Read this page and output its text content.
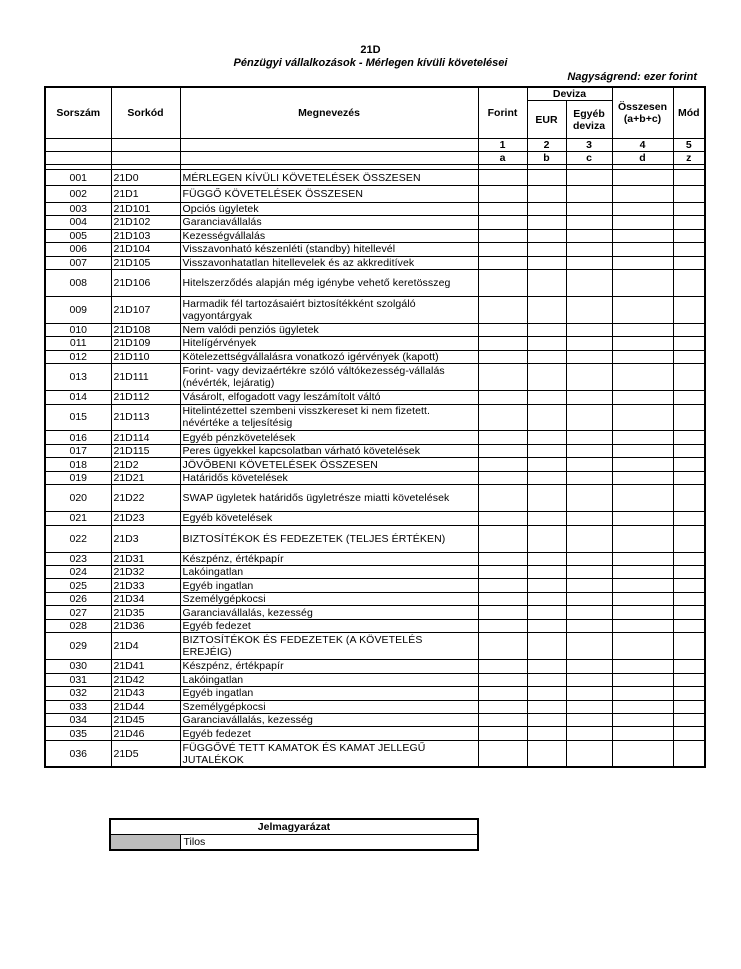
21D
Pénzügyi vállalkozások - Mérlegen kívüli követelései
Nagyságrend: ezer forint
Sorszám	Sorkód	Megnevezés	Forint	Deviza		Összesen (a+b+c)	Mód
				EUR	Egyéb deviza		
			1	2	3	4	5
			a	b	c	d	z

001	21D0	MÉRLEGEN KÍVÜLI KÖVETELÉSEK ÖSSZESEN					
002	21D1	FÜGGŐ KÖVETELÉSEK ÖSSZESEN					
003	21D101	Opciós ügyletek					
004	21D102	Garanciavállalás					
005	21D103	Kezességvállalás					
006	21D104	Visszavonható készenléti (standby) hitellevél					
007	21D105	Visszavonhatatlan hitellevelek és az akkreditívek					
008	21D106	Hitelszerződés alapján még igénybe vehető keretösszeg					
009	21D107	Harmadik fél tartozásaiért biztosítékként szolgáló vagyontárgyak					
010	21D108	Nem valódi penziós ügyletek					
011	21D109	Hitelígérvények					
012	21D110	Kötelezettségvállalásra vonatkozó igérvények (kapott)					
013	21D111	Forint- vagy devizaértékre szóló váltókezesség-vállalás (névérték, lejáratig)					
014	21D112	Vásárolt, elfogadott vagy leszámítolt váltó					
015	21D113	Hitelintézettel szembeni visszkereset ki nem fizetett. névértéke a teljesítésig					
016	21D114	Egyéb pénzkövetelések					
017	21D115	Peres ügyekkel kapcsolatban várható követelések					
018	21D2	JÖVŐBENI KÖVETELÉSEK ÖSSZESEN					
019	21D21	Határidős követelések					
020	21D22	SWAP ügyletek határidős ügyletrésze miatti követelések					
021	21D23	Egyéb követelések					
022	21D3	BIZTOSÍTÉKOK ÉS FEDEZETEK (TELJES ÉRTÉKEN)					
023	21D31	Készpénz, értékpapír					
024	21D32	Lakóingatlan					
025	21D33	Egyéb ingatlan					
026	21D34	Személygépkocsi					
027	21D35	Garanciavállalás, kezesség					
028	21D36	Egyéb fedezet					
029	21D4	BIZTOSÍTÉKOK ÉS FEDEZETEK (A KÖVETELÉS EREJÉIG)					
030	21D41	Készpénz, értékpapír					
031	21D42	Lakóingatlan					
032	21D43	Egyéb ingatlan					
033	21D44	Személygépkocsi					
034	21D45	Garanciavállalás, kezesség					
035	21D46	Egyéb fedezet					
036	21D5	FÜGGŐVÉ TETT KAMATOK ÉS KAMAT JELLEGŰ JUTALÉKOK					
Jelmagyarázat
	Tilos
